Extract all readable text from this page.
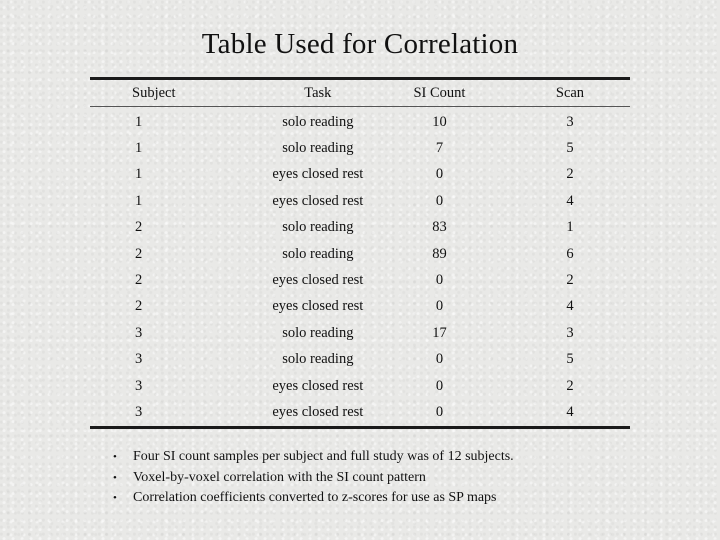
Table Used for Correlation
Subject	Task	SI Count	Scan
1	solo reading	10	3
1	solo reading	7	5
1	eyes closed rest	0	2
1	eyes closed rest	0	4
2	solo reading	83	1
2	solo reading	89	6
2	eyes closed rest	0	2
2	eyes closed rest	0	4
3	solo reading	17	3
3	solo reading	0	5
3	eyes closed rest	0	2
3	eyes closed rest	0	4
•	Four SI count samples per subject and full study was of 12 subjects.
•	Voxel-by-voxel correlation with the SI count pattern
•	Correlation coefficients converted to z-scores for use as SP maps
